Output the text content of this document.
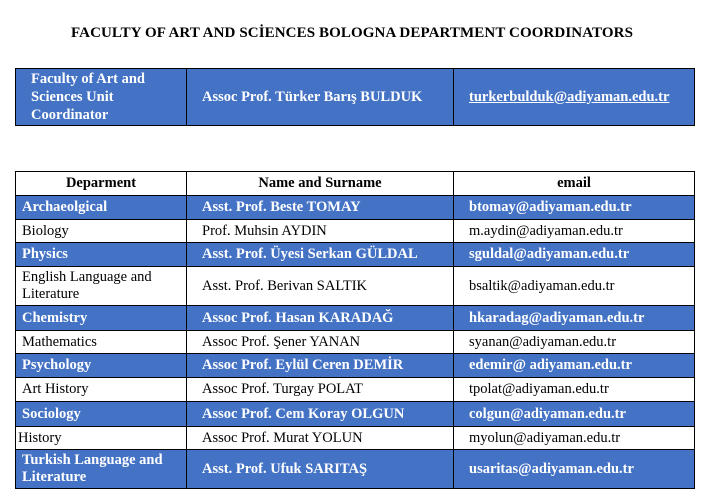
FACULTY OF ART AND SCİENCES BOLOGNA DEPARTMENT COORDINATORS
Faculty of Art and Sciences Unit Coordinator	Assoc Prof. Türker Barış BULDUK	turkerbulduk@adiyaman.edu.tr
Deparment	Name and Surname	email
Archaeolgical	Asst. Prof. Beste TOMAY	btomay@adiyaman.edu.tr
Biology	Prof. Muhsin AYDIN	m.aydin@adiyaman.edu.tr
Physics	Asst. Prof. Üyesi Serkan GÜLDAL	sguldal@adiyaman.edu.tr
English Language and Literature	Asst. Prof. Berivan SALTIK	bsaltik@adiyaman.edu.tr
Chemistry	Assoc Prof. Hasan KARADAĞ	hkaradag@adiyaman.edu.tr
Mathematics	Assoc Prof. Şener YANAN	syanan@adiyaman.edu.tr
Psychology	Assoc Prof. Eylül Ceren DEMİR	edemir@ adiyaman.edu.tr
Art History	Assoc Prof. Turgay POLAT	tpolat@adiyaman.edu.tr
Sociology	Assoc Prof. Cem Koray OLGUN	colgun@adiyaman.edu.tr
History	Assoc Prof. Murat YOLUN	myolun@adiyaman.edu.tr
Turkish Language and Literature	Asst. Prof. Ufuk SARITAŞ	usaritas@adiyaman.edu.tr
